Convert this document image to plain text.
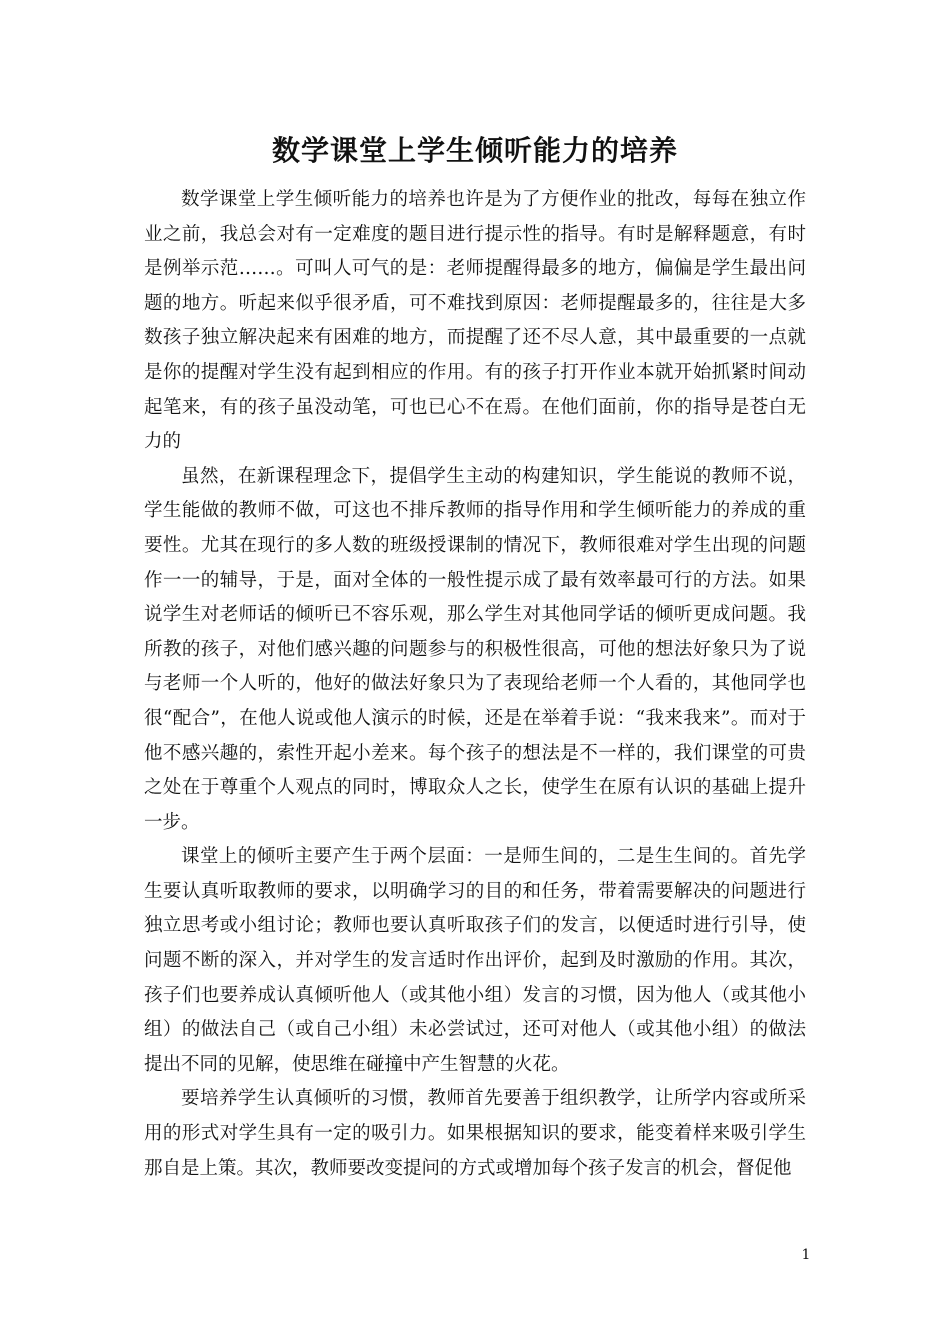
数学课堂上学生倾听能力的培养

数学课堂上学生倾听能力的培养也许是为了方便作业的批改，每每在独立作业之前，我总会对有一定难度的题目进行提示性的指导。有时是解释题意，有时是例举示范……。可叫人可气的是：老师提醒得最多的地方，偏偏是学生最出问题的地方。听起来似乎很矛盾，可不难找到原因：老师提醒最多的，往往是大多数孩子独立解决起来有困难的地方，而提醒了还不尽人意，其中最重要的一点就是你的提醒对学生没有起到相应的作用。有的孩子打开作业本就开始抓紧时间动起笔来，有的孩子虽没动笔，可也已心不在焉。在他们面前，你的指导是苍白无力的

虽然，在新课程理念下，提倡学生主动的构建知识，学生能说的教师不说，学生能做的教师不做，可这也不排斥教师的指导作用和学生倾听能力的养成的重要性。尤其在现行的多人数的班级授课制的情况下，教师很难对学生出现的问题作一一的辅导，于是，面对全体的一般性提示成了最有效率最可行的方法。如果说学生对老师话的倾听已不容乐观，那么学生对其他同学话的倾听更成问题。我所教的孩子，对他们感兴趣的问题参与的积极性很高，可他的想法好象只为了说与老师一个人听的，他好的做法好象只为了表现给老师一个人看的，其他同学也很“配合”，在他人说或他人演示的时候，还是在举着手说：“我来我来”。而对于他不感兴趣的，索性开起小差来。每个孩子的想法是不一样的，我们课堂的可贵之处在于尊重个人观点的同时，博取众人之长，使学生在原有认识的基础上提升一步。

课堂上的倾听主要产生于两个层面：一是师生间的，二是生生间的。首先学生要认真听取教师的要求，以明确学习的目的和任务，带着需要解决的问题进行独立思考或小组讨论；教师也要认真听取孩子们的发言，以便适时进行引导，使问题不断的深入，并对学生的发言适时作出评价，起到及时激励的作用。其次，孩子们也要养成认真倾听他人（或其他小组）发言的习惯，因为他人（或其他小组）的做法自己（或自己小组）未必尝试过，还可对他人（或其他小组）的做法提出不同的见解，使思维在碰撞中产生智慧的火花。

要培养学生认真倾听的习惯，教师首先要善于组织教学，让所学内容或所采用的形式对学生具有一定的吸引力。如果根据知识的要求，能变着样来吸引学生那自是上策。其次，教师要改变提问的方式或增加每个孩子发言的机会，督促他

1
